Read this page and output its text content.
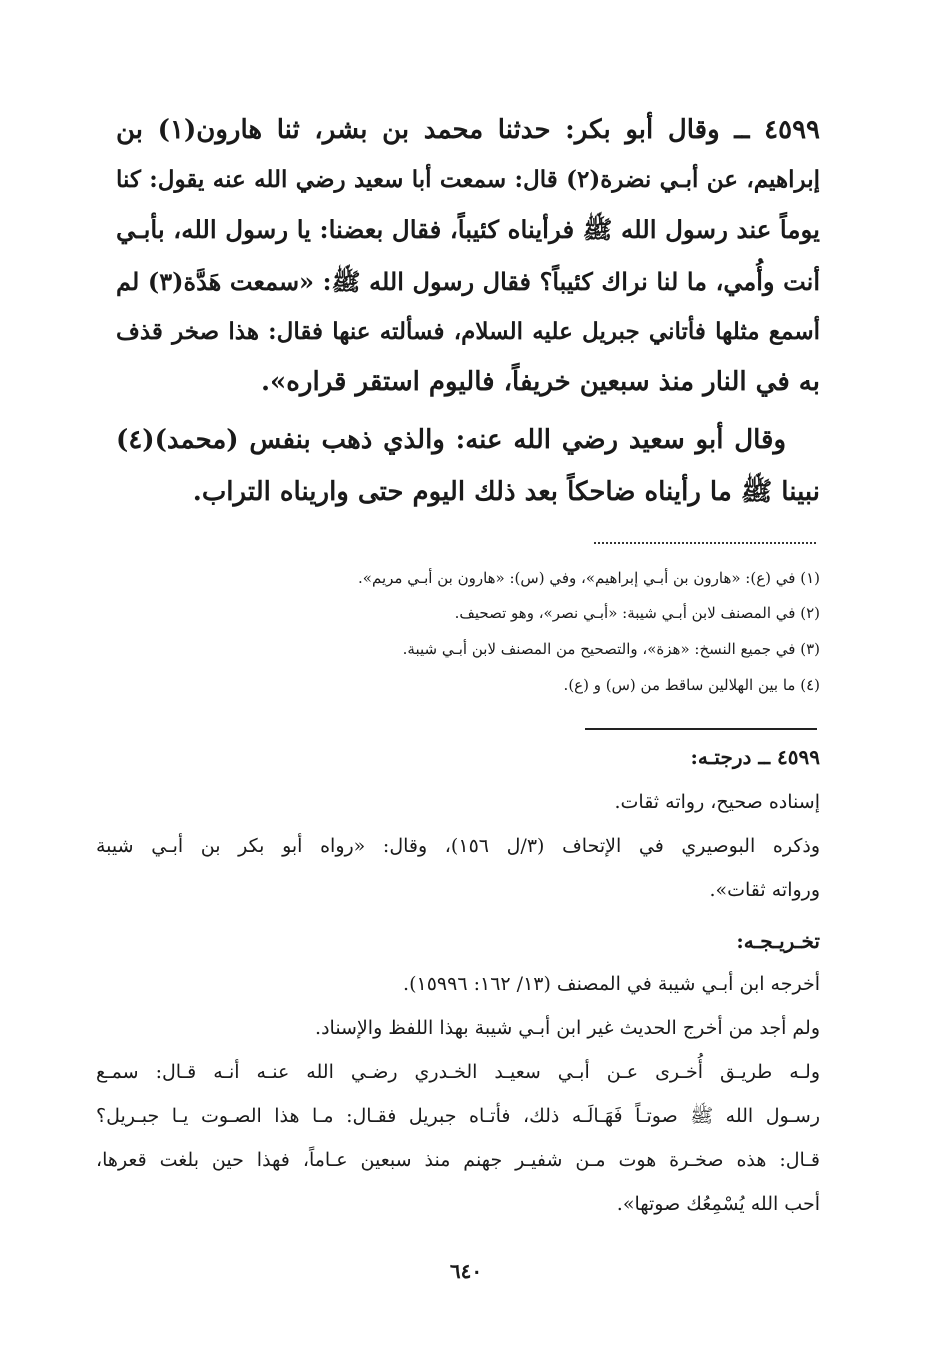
٤٥٩٩ ــ وقال أبو بكر: حدثنا محمد بن بشر، ثنا هارون(١) بن
إبراهيم، عن أبـي نضرة(٢) قال: سمعت أبا سعيد رضي الله عنه يقول: كنا
يوماً عند رسول الله ﷺ فرأيناه كئيباً، فقال بعضنا: يا رسول الله، بأبـي
أنت وأُمي، ما لنا نراك كئيباً؟ فقال رسول الله ﷺ: «سمعت هَدَّة(٣) لم
أسمع مثلها فأتاني جبريل عليه السلام، فسألته عنها فقال: هذا صخر قذف
به في النار منذ سبعين خريفاً، فاليوم استقر قراره».
وقال أبو سعيد رضي الله عنه: والذي ذهب بنفس (محمد)(٤)
نبينا ﷺ ما رأيناه ضاحكاً بعد ذلك اليوم حتى واريناه التراب.
(١) في (ع): «هارون بن أبـي إبراهيم»، وفي (س): «هارون بن أبـي مريم».
(٢) في المصنف لابن أبـي شيبة: «أبـي نصر»، وهو تصحيف.
(٣) في جميع النسخ: «هزة»، والتصحيح من المصنف لابن أبـي شيبة.
(٤) ما بين الهلالين ساقط من (س) و (ع).
٤٥٩٩ ــ درجتـه:
إسناده صحيح، رواته ثقات.
وذكره البوصيري في الإتحاف (٣/ل ١٥٦)، وقال: «رواه أبو بكر بن أبـي شيبة
ورواته ثقات».
تخـريـجـه:
أخرجه ابن أبـي شيبة في المصنف (١٣/ ١٦٢: ١٥٩٩٦).
ولم أجد من أخرج الحديث غير ابن أبـي شيبة بهذا اللفظ والإسناد.
ولـه طريـق أُخـرى عـن أبـي سعيـد الخـدري رضـي الله عنـه أنـه قـال: سمـع
رسـول الله ﷺ صوتـاً فَهَـالَـه ذلك، فأتـاه جبريل فقـال: مـا هذا الصـوت يـا جبـريل؟
قـال: هذه صخـرة هوت مـن شفيـر جهنم منذ سبعين عـاماً، فهذا حين بلغت قعرها،
أحب الله يُسْمِعُك صوتها».
٦٤٠
